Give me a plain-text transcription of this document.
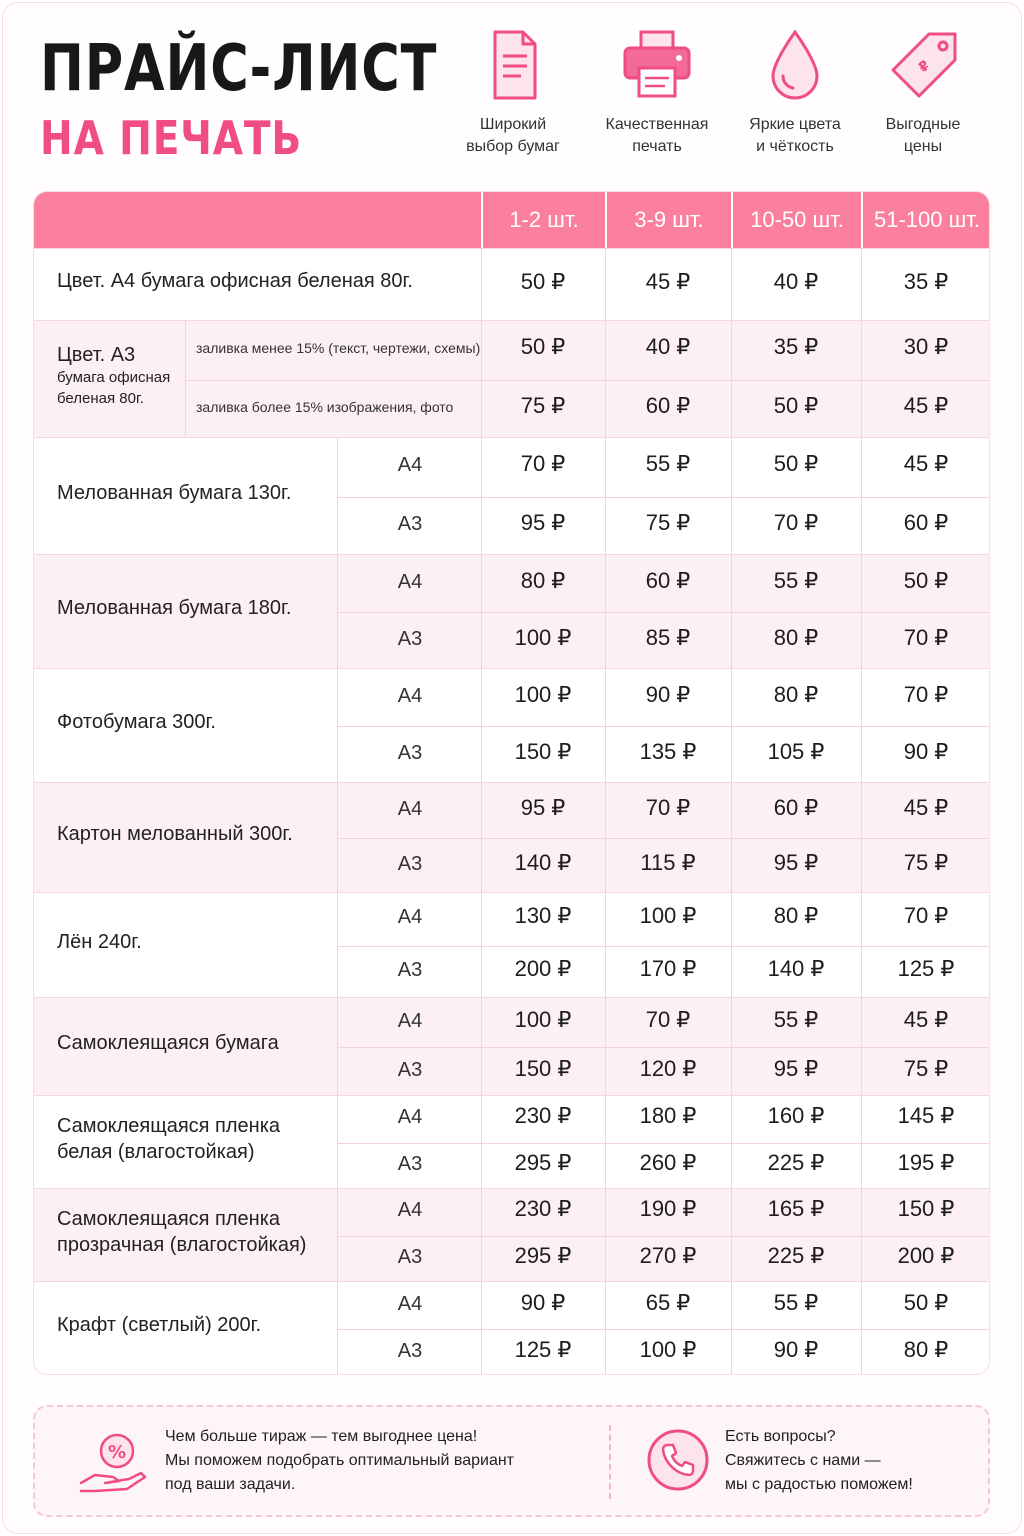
ПРАЙС-ЛИСТ
НА ПЕЧАТЬ	Широкий
выбор бумаг
Качественная
печать
Яркие цвета
и чёткость
₽
Выгодные
цены
1-2 шт.	3-9 шт.	10-50 шт.	51-100 шт.
Цвет. А4 бумага офисная беленая 80г.	50 ₽	45 ₽	40 ₽	35 ₽
Цвет. А3
бумага офисная
беленая 80г.
заливка менее 15% (текст, чертежи, схемы)	50 ₽	40 ₽	35 ₽	30 ₽
заливка более 15% изображения, фото	75 ₽	60 ₽	50 ₽	45 ₽
Мелованная бумага 130г.
А4	70 ₽	55 ₽	50 ₽	45 ₽
А3	95 ₽	75 ₽	70 ₽	60 ₽
Мелованная бумага 180г.
А4	80 ₽	60 ₽	55 ₽	50 ₽
А3	100 ₽	85 ₽	80 ₽	70 ₽
Фотобумага 300г.
А4	100 ₽	90 ₽	80 ₽	70 ₽
А3	150 ₽	135 ₽	105 ₽	90 ₽
Картон мелованный 300г.
А4	95 ₽	70 ₽	60 ₽	45 ₽
А3	140 ₽	115 ₽	95 ₽	75 ₽
Лён 240г.
А4	130 ₽	100 ₽	80 ₽	70 ₽
А3	200 ₽	170 ₽	140 ₽	125 ₽
Самоклеящаяся бумага
А4	100 ₽	70 ₽	55 ₽	45 ₽
А3	150 ₽	120 ₽	95 ₽	75 ₽
Самоклеящаяся пленка
белая (влагостойкая)
А4	230 ₽	180 ₽	160 ₽	145 ₽
А3	295 ₽	260 ₽	225 ₽	195 ₽
Самоклеящаяся пленка
прозрачная (влагостойкая)
А4	230 ₽	190 ₽	165 ₽	150 ₽
А3	295 ₽	270 ₽	225 ₽	200 ₽
Крафт (светлый) 200г.
А4	90 ₽	65 ₽	55 ₽	50 ₽
А3	125 ₽	100 ₽	90 ₽	80 ₽
%
Чем больше тираж — тем выгоднее цена!
Мы поможем подобрать оптимальный вариант
под ваши задачи.
Есть вопросы?
Свяжитесь с нами —
мы с радостью поможем!
